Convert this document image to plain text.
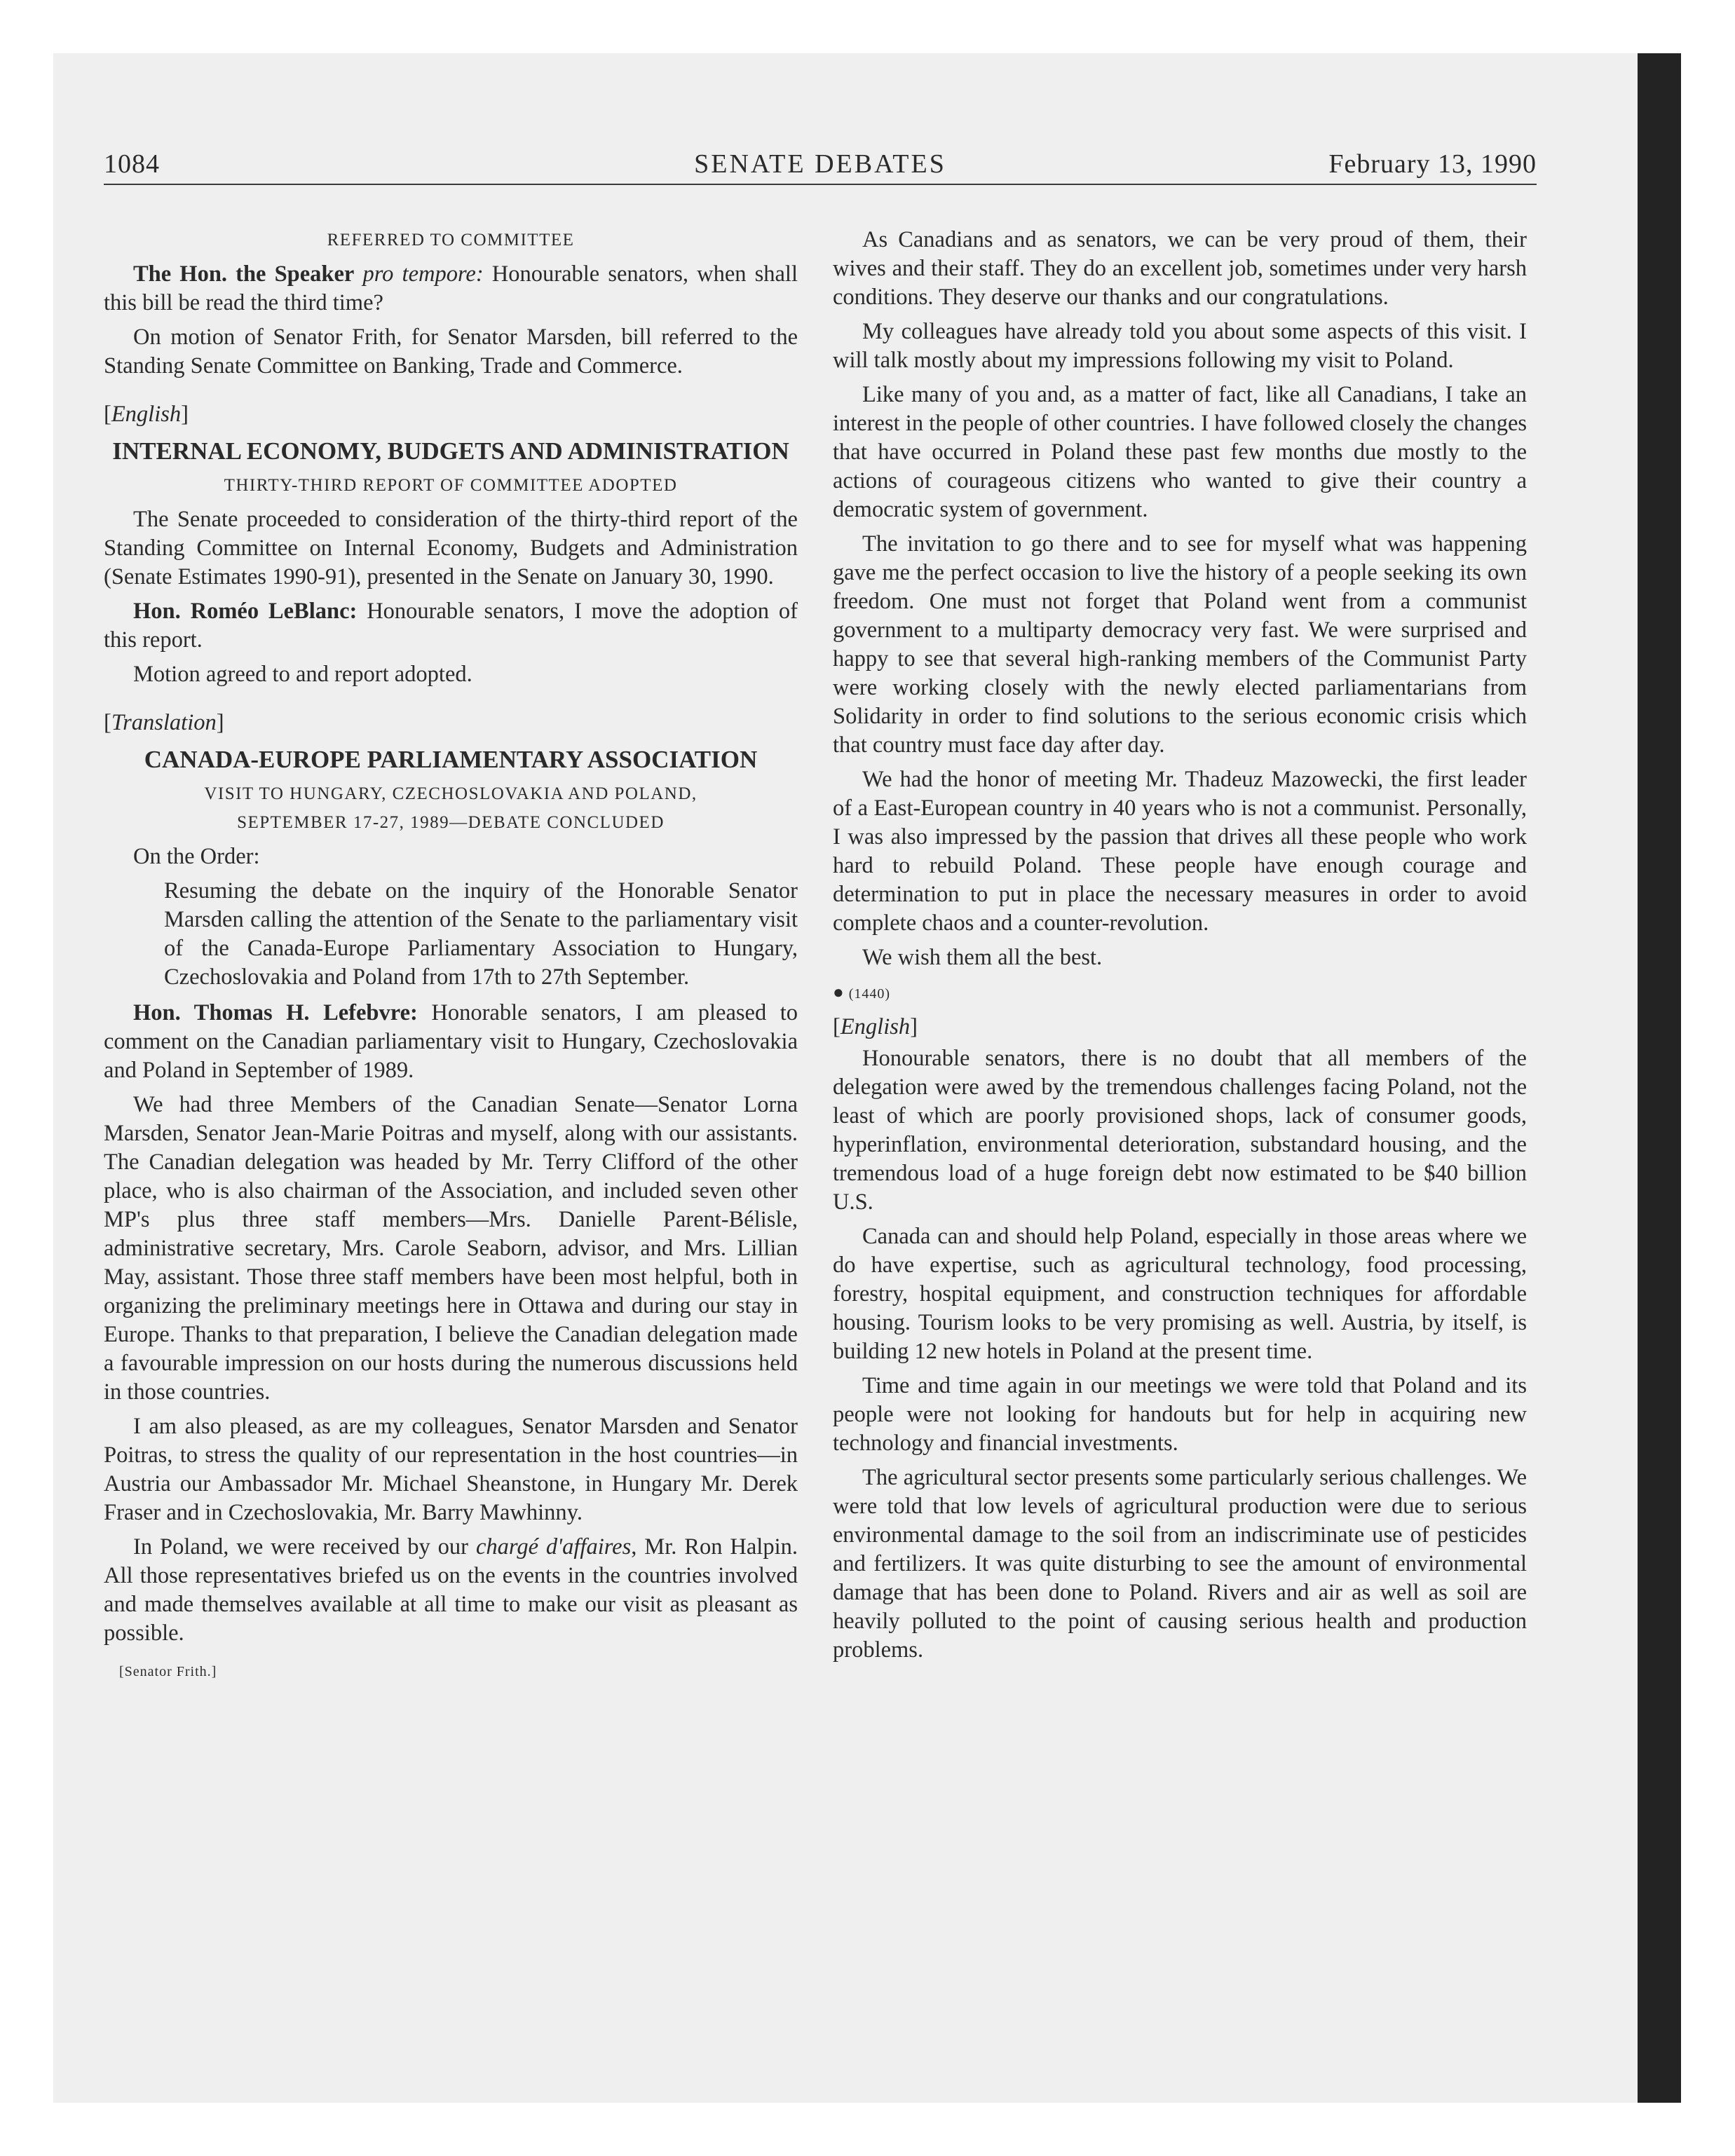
1084	SENATE DEBATES	February 13, 1990
REFERRED TO COMMITTEE

The Hon. the Speaker pro tempore: Honourable senators, when shall this bill be read the third time?

On motion of Senator Frith, for Senator Marsden, bill referred to the Standing Senate Committee on Banking, Trade and Commerce.

[English]
INTERNAL ECONOMY, BUDGETS AND ADMINISTRATION
THIRTY-THIRD REPORT OF COMMITTEE ADOPTED

The Senate proceeded to consideration of the thirty-third report of the Standing Committee on Internal Economy, Budgets and Administration (Senate Estimates 1990-91), presented in the Senate on January 30, 1990.

Hon. Roméo LeBlanc: Honourable senators, I move the adoption of this report.

Motion agreed to and report adopted.

[Translation]
CANADA-EUROPE PARLIAMENTARY ASSOCIATION
VISIT TO HUNGARY, CZECHOSLOVAKIA AND POLAND,
SEPTEMBER 17-27, 1989—DEBATE CONCLUDED

On the Order:

Resuming the debate on the inquiry of the Honorable Senator Marsden calling the attention of the Senate to the parliamentary visit of the Canada-Europe Parliamentary Association to Hungary, Czechoslovakia and Poland from 17th to 27th September.

Hon. Thomas H. Lefebvre: Honorable senators, I am pleased to comment on the Canadian parliamentary visit to Hungary, Czechoslovakia and Poland in September of 1989.

We had three Members of the Canadian Senate—Senator Lorna Marsden, Senator Jean-Marie Poitras and myself, along with our assistants. The Canadian delegation was headed by Mr. Terry Clifford of the other place, who is also chairman of the Association, and included seven other MP's plus three staff members—Mrs. Danielle Parent-Bélisle, administrative secretary, Mrs. Carole Seaborn, advisor, and Mrs. Lillian May, assistant. Those three staff members have been most helpful, both in organizing the preliminary meetings here in Ottawa and during our stay in Europe. Thanks to that preparation, I believe the Canadian delegation made a favourable impression on our hosts during the numerous discussions held in those countries.

I am also pleased, as are my colleagues, Senator Marsden and Senator Poitras, to stress the quality of our representation in the host countries—in Austria our Ambassador Mr. Michael Sheanstone, in Hungary Mr. Derek Fraser and in Czechoslovakia, Mr. Barry Mawhinny.

In Poland, we were received by our chargé d'affaires, Mr. Ron Halpin. All those representatives briefed us on the events in the countries involved and made themselves available at all time to make our visit as pleasant as possible.

[Senator Frith.]

As Canadians and as senators, we can be very proud of them, their wives and their staff. They do an excellent job, sometimes under very harsh conditions. They deserve our thanks and our congratulations.

My colleagues have already told you about some aspects of this visit. I will talk mostly about my impressions following my visit to Poland.

Like many of you and, as a matter of fact, like all Canadians, I take an interest in the people of other countries. I have followed closely the changes that have occurred in Poland these past few months due mostly to the actions of courageous citizens who wanted to give their country a democratic system of government.

The invitation to go there and to see for myself what was happening gave me the perfect occasion to live the history of a people seeking its own freedom. One must not forget that Poland went from a communist government to a multiparty democracy very fast. We were surprised and happy to see that several high-ranking members of the Communist Party were working closely with the newly elected parliamentarians from Solidarity in order to find solutions to the serious economic crisis which that country must face day after day.

We had the honor of meeting Mr. Thadeuz Mazowecki, the first leader of a East-European country in 40 years who is not a communist. Personally, I was also impressed by the passion that drives all these people who work hard to rebuild Poland. These people have enough courage and determination to put in place the necessary measures in order to avoid complete chaos and a counter-revolution.

We wish them all the best.

● (1440)
[English]

Honourable senators, there is no doubt that all members of the delegation were awed by the tremendous challenges facing Poland, not the least of which are poorly provisioned shops, lack of consumer goods, hyperinflation, environmental deterioration, substandard housing, and the tremendous load of a huge foreign debt now estimated to be $40 billion U.S.

Canada can and should help Poland, especially in those areas where we do have expertise, such as agricultural technology, food processing, forestry, hospital equipment, and construction techniques for affordable housing. Tourism looks to be very promising as well. Austria, by itself, is building 12 new hotels in Poland at the present time.

Time and time again in our meetings we were told that Poland and its people were not looking for handouts but for help in acquiring new technology and financial investments.

The agricultural sector presents some particularly serious challenges. We were told that low levels of agricultural production were due to serious environmental damage to the soil from an indiscriminate use of pesticides and fertilizers. It was quite disturbing to see the amount of environmental damage that has been done to Poland. Rivers and air as well as soil are heavily polluted to the point of causing serious health and production problems.
